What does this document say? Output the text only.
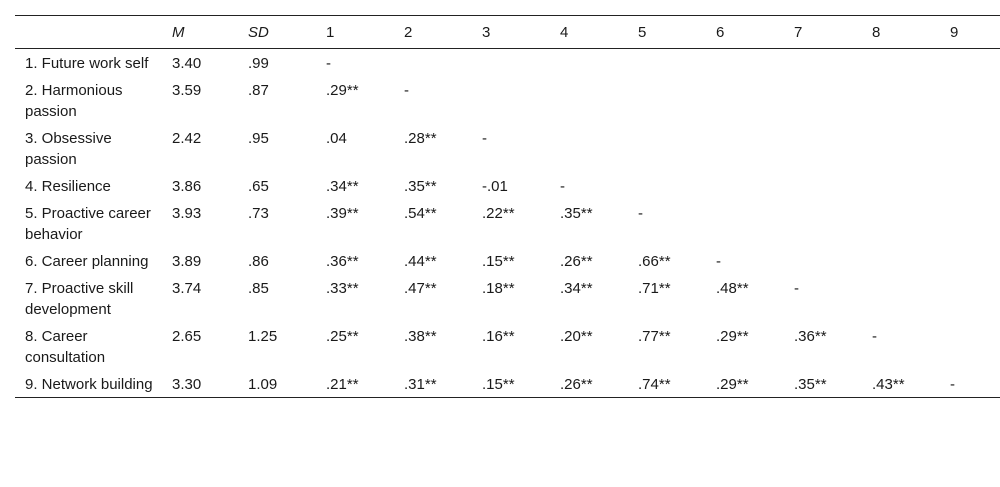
	M	SD	1	2	3	4	5	6	7	8	9
1. Future work self	3.40	.99	-								
2. Harmonious passion	3.59	.87	.29**	-							
3. Obsessive passion	2.42	.95	.04	.28**	-						
4. Resilience	3.86	.65	.34**	.35**	-.01	-					
5. Proactive career behavior	3.93	.73	.39**	.54**	.22**	.35**	-				
6. Career planning	3.89	.86	.36**	.44**	.15**	.26**	.66**	-			
7. Proactive skill development	3.74	.85	.33**	.47**	.18**	.34**	.71**	.48**	-		
8. Career consultation	2.65	1.25	.25**	.38**	.16**	.20**	.77**	.29**	.36**	-	
9. Network building	3.30	1.09	.21**	.31**	.15**	.26**	.74**	.29**	.35**	.43**	-
